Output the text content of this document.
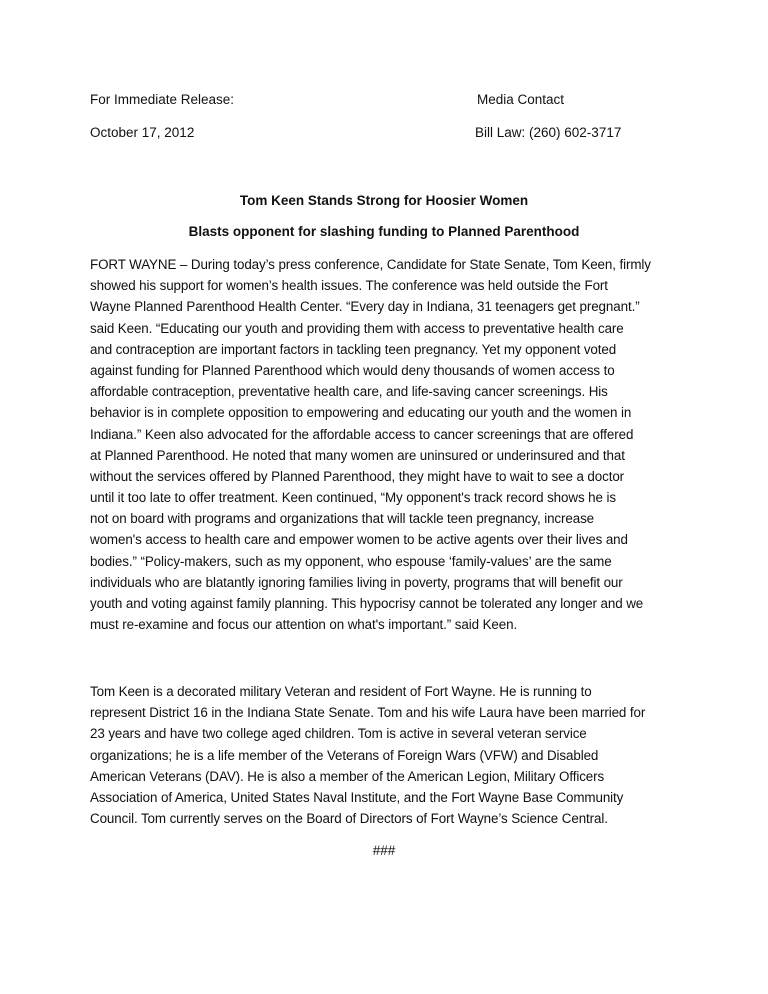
For Immediate Release:	Media Contact
October 17, 2012	Bill Law: (260) 602-3717
Tom Keen Stands Strong for Hoosier Women
Blasts opponent for slashing funding to Planned Parenthood
FORT WAYNE – During today’s press conference, Candidate for State Senate, Tom Keen, firmly
showed his support for women’s health issues. The conference was held outside the Fort
Wayne Planned Parenthood Health Center. “Every day in Indiana, 31 teenagers get pregnant.”
said Keen. “Educating our youth and providing them with access to preventative health care
and contraception are important factors in tackling teen pregnancy. Yet my opponent voted
against funding for Planned Parenthood which would deny thousands of women access to
affordable contraception, preventative health care, and life-saving cancer screenings. His
behavior is in complete opposition to empowering and educating our youth and the women in
Indiana.” Keen also advocated for the affordable access to cancer screenings that are offered
at Planned Parenthood. He noted that many women are uninsured or underinsured and that
without the services offered by Planned Parenthood, they might have to wait to see a doctor
until it too late to offer treatment. Keen continued, “My opponent's track record shows he is
not on board with programs and organizations that will tackle teen pregnancy, increase
women's access to health care and empower women to be active agents over their lives and
bodies.” “Policy-makers, such as my opponent, who espouse ‘family-values’ are the same
individuals who are blatantly ignoring families living in poverty, programs that will benefit our
youth and voting against family planning. This hypocrisy cannot be tolerated any longer and we
must re-examine and focus our attention on what's important.” said Keen.
Tom Keen is a decorated military Veteran and resident of Fort Wayne. He is running to
represent District 16 in the Indiana State Senate. Tom and his wife Laura have been married for
23 years and have two college aged children. Tom is active in several veteran service
organizations; he is a life member of the Veterans of Foreign Wars (VFW) and Disabled
American Veterans (DAV). He is also a member of the American Legion, Military Officers
Association of America, United States Naval Institute, and the Fort Wayne Base Community
Council. Tom currently serves on the Board of Directors of Fort Wayne’s Science Central.
###
